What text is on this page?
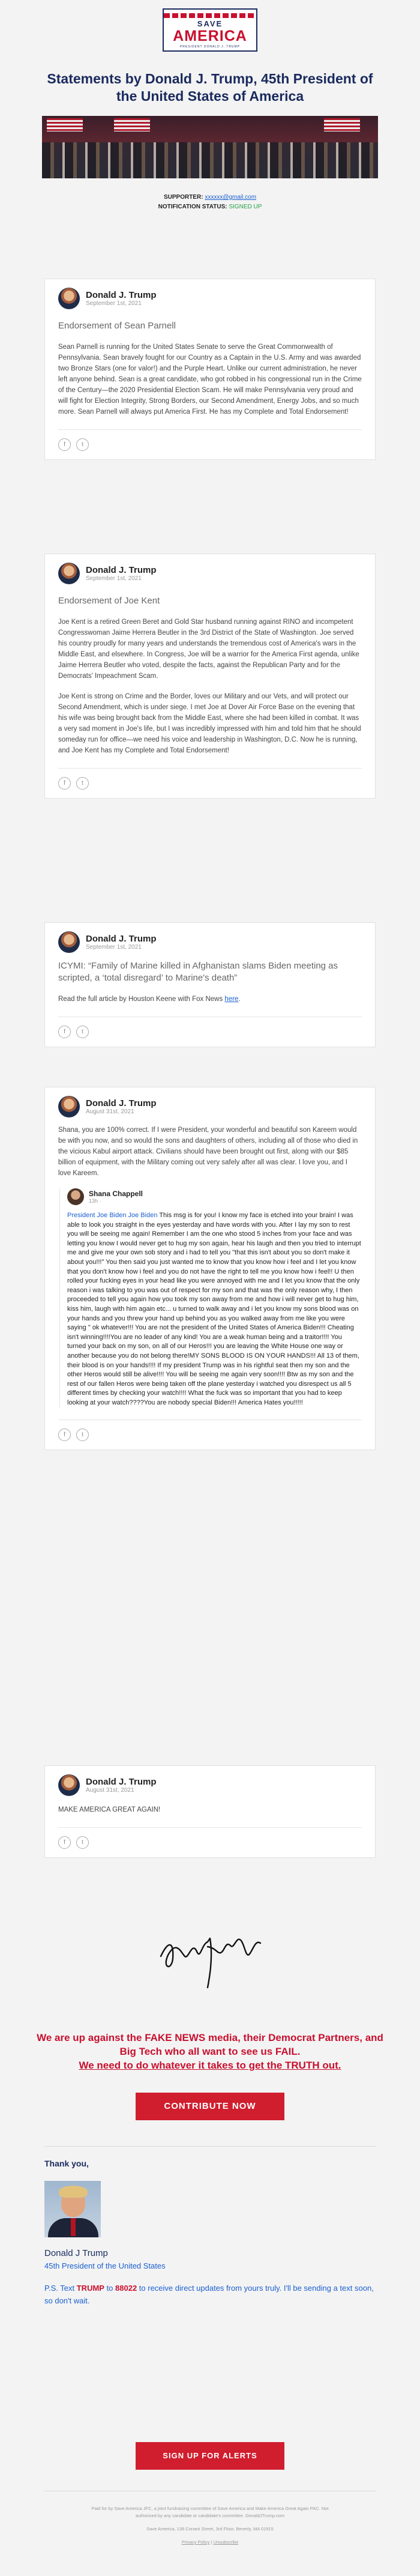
SAVE
AMERICA
PRESIDENT DONALD J. TRUMP
Statements by Donald J. Trump, 45th President of the United States of America
SUPPORTER: xxxxxx@gmail.com
NOTIFICATION STATUS: SIGNED UP
Donald J. Trump
September 1st, 2021
Endorsement of Sean Parnell

Sean Parnell is running for the United States Senate to serve the Great Commonwealth of Pennsylvania. Sean bravely fought for our Country as a Captain in the U.S. Army and was awarded two Bronze Stars (one for valor!) and the Purple Heart. Unlike our current administration, he never left anyone behind. Sean is a great candidate, who got robbed in his congressional run in the Crime of the Century—the 2020 Presidential Election Scam. He will make Pennsylvania very proud and will fight for Election Integrity, Strong Borders, our Second Amendment, Energy Jobs, and so much more. Sean Parnell will always put America First. He has my Complete and Total Endorsement!

f	t
Donald J. Trump
September 1st, 2021
Endorsement of Joe Kent

Joe Kent is a retired Green Beret and Gold Star husband running against RINO and incompetent Congresswoman Jaime Herrera Beutler in the 3rd District of the State of Washington. Joe served his country proudly for many years and understands the tremendous cost of America's wars in the Middle East, and elsewhere. In Congress, Joe will be a warrior for the America First agenda, unlike Jaime Herrera Beutler who voted, despite the facts, against the Republican Party and for the Democrats' Impeachment Scam.

Joe Kent is strong on Crime and the Border, loves our Military and our Vets, and will protect our Second Amendment, which is under siege. I met Joe at Dover Air Force Base on the evening that his wife was being brought back from the Middle East, where she had been killed in combat. It was a very sad moment in Joe's life, but I was incredibly impressed with him and told him that he should someday run for office—we need his voice and leadership in Washington, D.C. Now he is running, and Joe Kent has my Complete and Total Endorsement!

f	t
Donald J. Trump
September 1st, 2021
ICYMI: “Family of Marine killed in Afghanistan slams Biden meeting as scripted, a ‘total disregard’ to Marine's death”

Read the full article by Houston Keene with Fox News here.

f	t
Donald J. Trump
August 31st, 2021

Shana, you are 100% correct. If I were President, your wonderful and beautiful son Kareem would be with you now, and so would the sons and daughters of others, including all of those who died in the vicious Kabul airport attack. Civilians should have been brought out first, along with our $85 billion of equipment, with the Military coming out very safely after all was clear. I love you, and I love Kareem.

Shana Chappell
13h ·
President Joe Biden Joe Biden This msg is for you! I know my face is etched into your brain! I was able to look you straight in the eyes yesterday and have words with you. After I lay my son to rest you will be seeing me again! Remember I am the one who stood 5 inches from your face and was letting you know I would never get to hug my son again, hear his laugh and then you tried to interrupt me and give me your own sob story and i had to tell you "that this isn't about you so don't make it about you!!!" You then said you just wanted me to know that you know how i feel and I let you know that you don't know how i feel and you do not have the right to tell me you know how i feel!! U then rolled your fucking eyes in your head like you were annoyed with me and I let you know that the only reason i was talking to you was out of respect for my son and that was the only reason why, I then proceeded to tell you again how you took my son away from me and how i will never get to hug him, kiss him, laugh with him again etc... u turned to walk away and i let you know my sons blood was on your hands and you threw your hand up behind you as you walked away from me like you were saying " ok whatever!!! You are not the president of the United States of America Biden!!! Cheating isn't winning!!!!You are no leader of any kind! You are a weak human being and a traitor!!!! You turned your back on my son, on all of our Heros!!! you are leaving the White House one way or another because you do not belong there!MY SONS BLOOD IS ON YOUR HANDS!!! All 13 of them, their blood is on your hands!!!! If my president Trump was in his rightful seat then my son and the other Heros would still be alive!!!! You will be seeing me again very soon!!!! Btw as my son and the rest of our fallen Heros were being taken off the plane yesterday i watched you disrespect us all 5 different times by checking your watch!!!! What the fuck was so important that you had to keep looking at your watch????You are nobody special Biden!!! America Hates you!!!!!
f	t
Donald J. Trump
August 31st, 2021

MAKE AMERICA GREAT AGAIN!

f	t
We are up against the FAKE NEWS media, their Democrat Partners, and Big Tech who all want to see us FAIL.
We need to do whatever it takes to get the TRUTH out.
CONTRIBUTE NOW
Thank you,
Donald J Trump
45th President of the United States
P.S. Text TRUMP to 88022 to receive direct updates from yours truly. I'll be sending a text soon, so don't wait.
SIGN UP FOR ALERTS
Paid for by Save America JFC, a joint fundraising committee of Save America and Make America Great Again PAC. Not authorized by any candidate or candidate's committee. DonaldJTrump.com
Save America, 138 Conant Street, 3rd Floor, Beverly, MA 01915
Privacy Policy | Unsubscribe
